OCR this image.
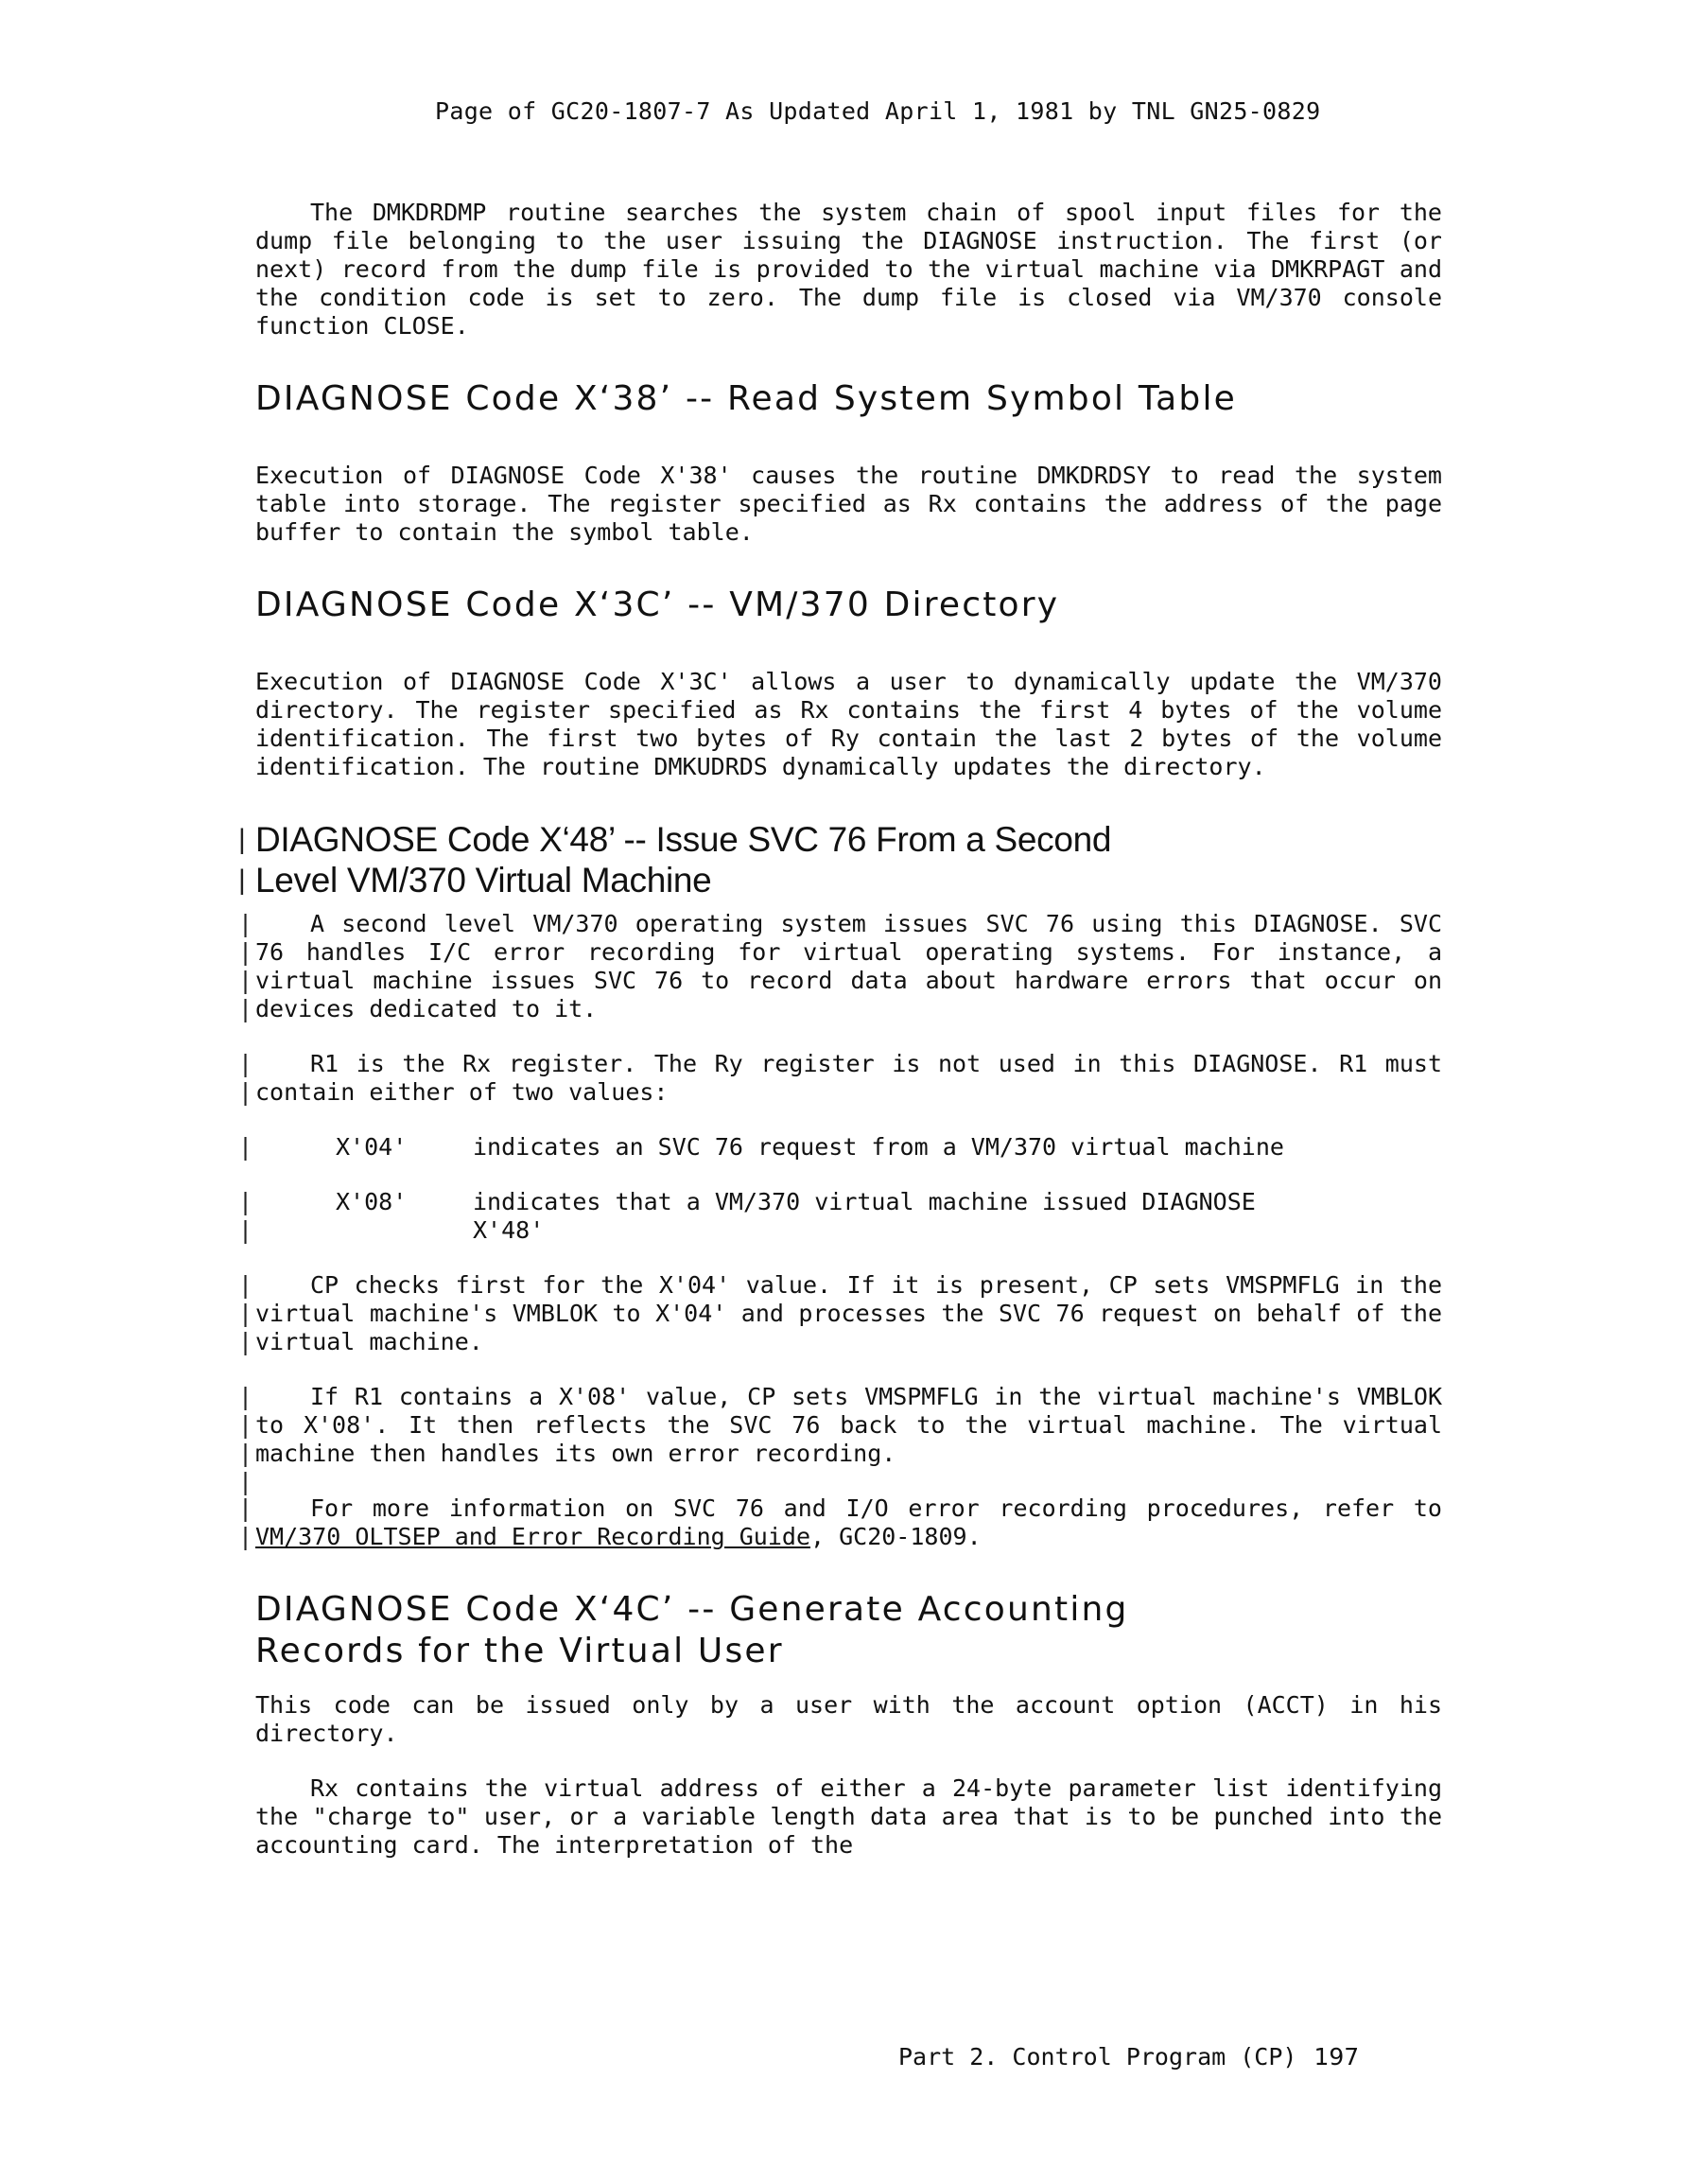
Page of GC20-1807-7 As Updated April 1, 1981 by TNL GN25-0829

The DMKDRDMP routine searches the system chain of spool input files for the dump file belonging to the user issuing the DIAGNOSE instruction. The first (or next) record from the dump file is provided to the virtual machine via DMKRPAGT and the condition code is set to zero. The dump file is closed via VM/370 console function CLOSE.

DIAGNOSE Code X‘38’ -- Read System Symbol Table

Execution of DIAGNOSE Code X'38' causes the routine DMKDRDSY to read the system table into storage. The register specified as Rx contains the address of the page buffer to contain the symbol table.

DIAGNOSE Code X‘3C’ -- VM/370 Directory

Execution of DIAGNOSE Code X'3C' allows a user to dynamically update the VM/370 directory. The register specified as Rx contains the first 4 bytes of the volume identification. The first two bytes of Ry contain the last 2 bytes of the volume identification. The routine DMKUDRDS dynamically updates the directory.

|
|
DIAGNOSE Code X‘48’ -- Issue SVC 76 From a Second
Level VM/370 Virtual Machine
|
|
|
|

A second level VM/370 operating system issues SVC 76 using this DIAGNOSE. SVC 76 handles I/C error recording for virtual operating systems. For instance, a virtual machine issues SVC 76 to record data about hardware errors that occur on devices dedicated to it.

|
|

R1 is the Rx register. The Ry register is not used in this DIAGNOSE. R1 must contain either of two values:

|	X'04'	indicates an SVC 76 request from a VM/370 virtual machine
|
|
X'08'	indicates that a VM/370 virtual machine issued DIAGNOSE
X'48'
|
|
|

CP checks first for the X'04' value. If it is present, CP sets VMSPMFLG in the virtual machine's VMBLOK to X'04' and processes the SVC 76 request on behalf of the virtual machine.

|
|
|
|

If R1 contains a X'08' value, CP sets VMSPMFLG in the virtual machine's VMBLOK to X'08'. It then reflects the SVC 76 back to the virtual machine. The virtual machine then handles its own error recording.

|
|

For more information on SVC 76 and I/O error recording procedures, refer to VM/370 OLTSEP and Error Recording Guide, GC20-1809.

DIAGNOSE Code X‘4C’ -- Generate Accounting
Records for the Virtual User

This code can be issued only by a user with the account option (ACCT) in his directory.

Rx contains the virtual address of either a 24-byte parameter list identifying the "charge to" user, or a variable length data area that is to be punched into the accounting card. The interpretation of the

Part 2. Control Program (CP) 197
